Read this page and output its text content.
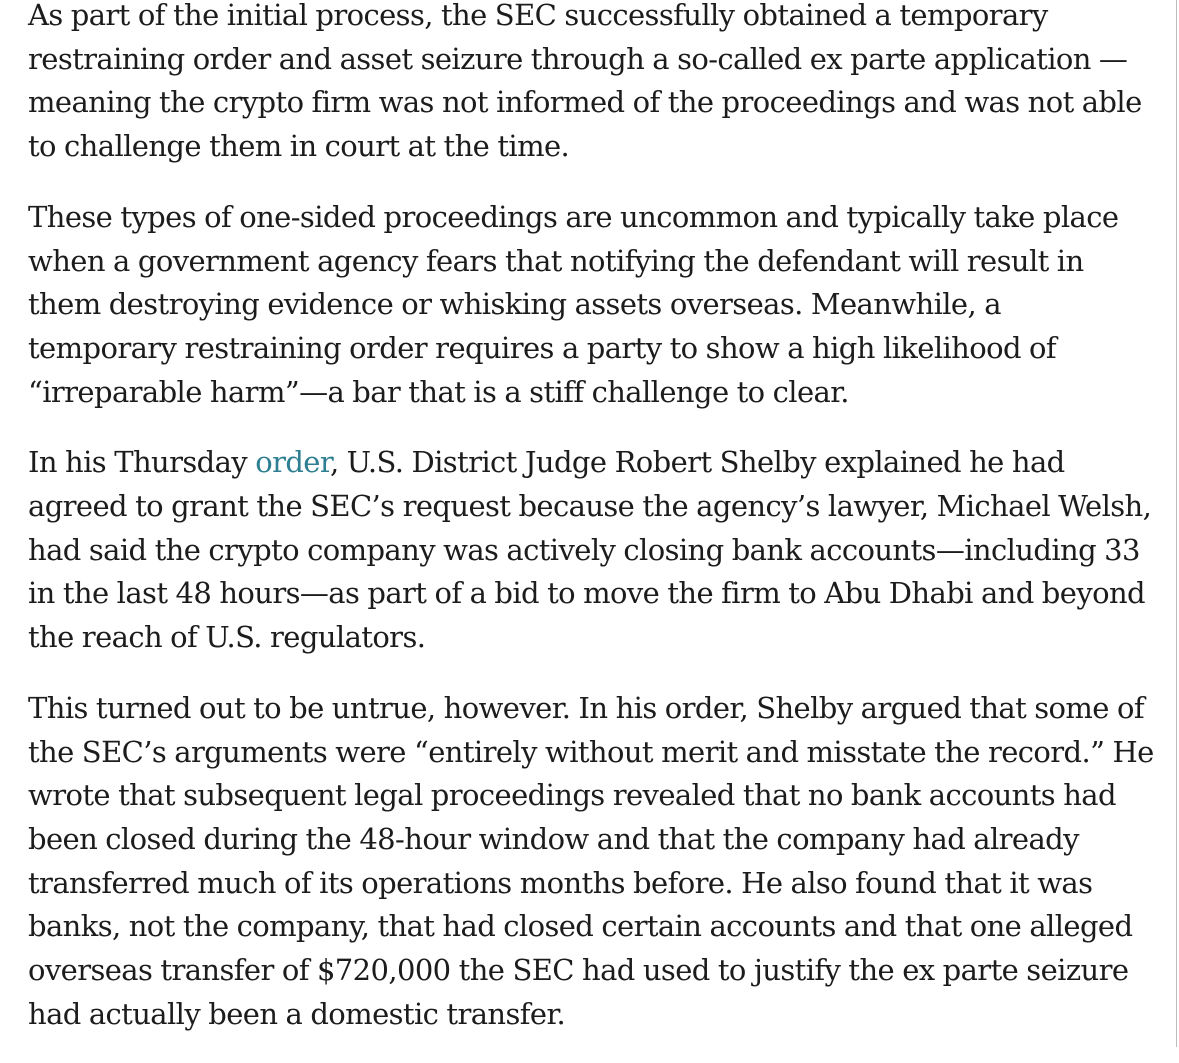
As part of the initial process, the SEC successfully obtained a temporary restraining order and asset seizure through a so-called ex parte application —meaning the crypto firm was not informed of the proceedings and was not able to challenge them in court at the time.

These types of one-sided proceedings are uncommon and typically take place when a government agency fears that notifying the defendant will result in them destroying evidence or whisking assets overseas. Meanwhile, a temporary restraining order requires a party to show a high likelihood of “irreparable harm”—a bar that is a stiff challenge to clear.

In his Thursday order, U.S. District Judge Robert Shelby explained he had agreed to grant the SEC’s request because the agency’s lawyer, Michael Welsh, had said the crypto company was actively closing bank accounts—including 33 in the last 48 hours—as part of a bid to move the firm to Abu Dhabi and beyond the reach of U.S. regulators.

This turned out to be untrue, however. In his order, Shelby argued that some of the SEC’s arguments were “entirely without merit and misstate the record.” He wrote that subsequent legal proceedings revealed that no bank accounts had been closed during the 48-hour window and that the company had already transferred much of its operations months before. He also found that it was banks, not the company, that had closed certain accounts and that one alleged overseas transfer of $720,000 the SEC had used to justify the ex parte seizure had actually been a domestic transfer.
